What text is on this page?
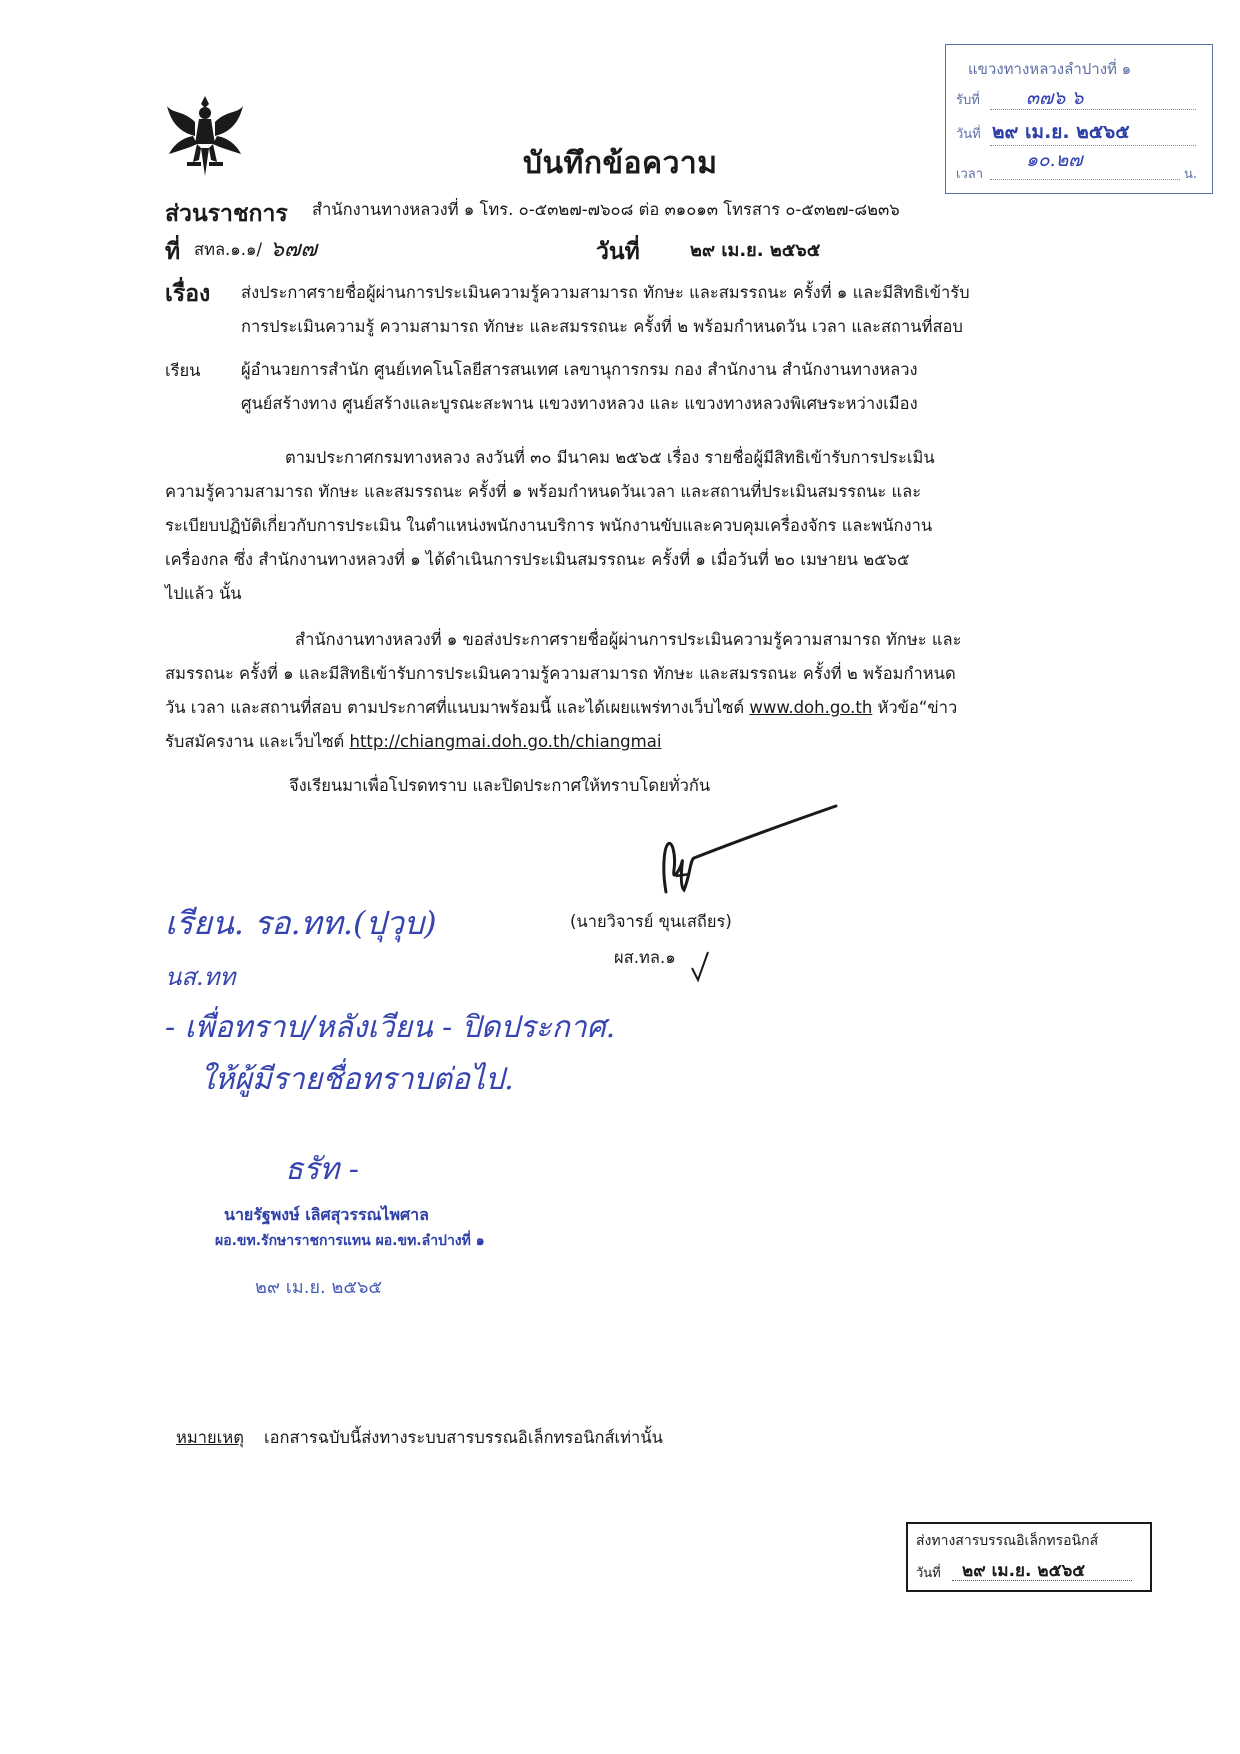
บันทึกข้อความ
แขวงทางหลวงลำปางที่ ๑
รับที่ ๓๗๖ ๖
วันที่ ๒๙ เม.ย. ๒๕๖๕
เวลา
๑๐.๒๗
น.
ส่วนราชการ สำนักงานทางหลวงที่ ๑ โทร. ๐-๕๓๒๗-๗๖๐๘ ต่อ ๓๑๐๑๓ โทรสาร ๐-๕๓๒๗-๘๒๓๖
ที่ สทล.๑.๑/ ๖๗๗	วันที่	๒๙ เม.ย. ๒๕๖๕
เรื่อง ส่งประกาศรายชื่อผู้ผ่านการประเมินความรู้ความสามารถ ทักษะ และสมรรถนะ ครั้งที่ ๑ และมีสิทธิเข้ารับ
การประเมินความรู้ ความสามารถ ทักษะ และสมรรถนะ ครั้งที่ ๒ พร้อมกำหนดวัน เวลา และสถานที่สอบ
เรียน ผู้อำนวยการสำนัก ศูนย์เทคโนโลยีสารสนเทศ เลขานุการกรม กอง สำนักงาน สำนักงานทางหลวง
ศูนย์สร้างทาง ศูนย์สร้างและบูรณะสะพาน แขวงทางหลวง และ แขวงทางหลวงพิเศษระหว่างเมือง
ตามประกาศกรมทางหลวง ลงวันที่ ๓๐ มีนาคม ๒๕๖๕ เรื่อง รายชื่อผู้มีสิทธิเข้ารับการประเมิน
ความรู้ความสามารถ ทักษะ และสมรรถนะ ครั้งที่ ๑ พร้อมกำหนดวันเวลา และสถานที่ประเมินสมรรถนะ และ
ระเบียบปฏิบัติเกี่ยวกับการประเมิน ในตำแหน่งพนักงานบริการ พนักงานขับและควบคุมเครื่องจักร และพนักงาน
เครื่องกล ซึ่ง สำนักงานทางหลวงที่ ๑ ได้ดำเนินการประเมินสมรรถนะ ครั้งที่ ๑ เมื่อวันที่ ๒๐ เมษายน ๒๕๖๕
ไปแล้ว นั้น
สำนักงานทางหลวงที่ ๑ ขอส่งประกาศรายชื่อผู้ผ่านการประเมินความรู้ความสามารถ ทักษะ และ
สมรรถนะ ครั้งที่ ๑ และมีสิทธิเข้ารับการประเมินความรู้ความสามารถ ทักษะ และสมรรถนะ ครั้งที่ ๒ พร้อมกำหนด
วัน เวลา และสถานที่สอบ ตามประกาศที่แนบมาพร้อมนี้ และได้เผยแพร่ทางเว็บไซต์ www.doh.go.th หัวข้อ“ข่าว
รับสมัครงาน และเว็บไซต์ http://chiangmai.doh.go.th/chiangmai
จึงเรียนมาเพื่อโปรดทราบ และปิดประกาศให้ทราบโดยทั่วกัน
(นายวิจารย์ ขุนเสถียร)
ผส.ทล.๑
เรียน. รอ.ทท.(ปุวุบ)
นส.ทท
- เพื่อทราบ/หลังเวียน - ปิดประกาศ.
ให้ผู้มีรายชื่อทราบต่อไป.
ธรัท -
นายรัฐพงษ์ เลิศสุวรรณไพศาล
ผอ.ขท.รักษาราชการแทน ผอ.ขท.ลำปางที่ ๑
๒๙ เม.ย. ๒๕๖๕
หมายเหตุ เอกสารฉบับนี้ส่งทางระบบสารบรรณอิเล็กทรอนิกส์เท่านั้น
ส่งทางสารบรรณอิเล็กทรอนิกส์
วันที่ ๒๙ เม.ย. ๒๕๖๕
